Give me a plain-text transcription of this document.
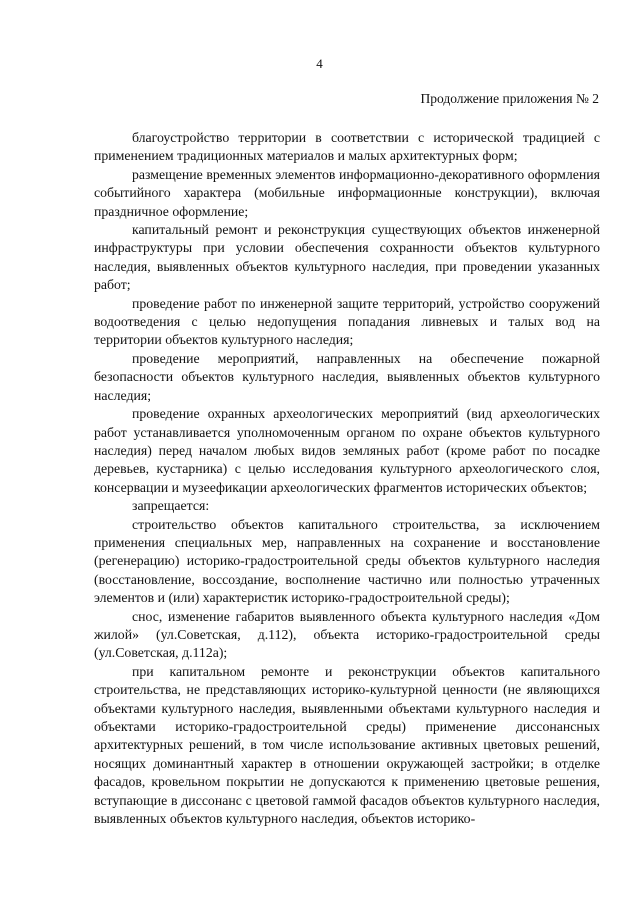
4
Продолжение приложения № 2

благоустройство территории в соответствии с исторической традицией с применением традиционных материалов и малых архитектурных форм;

размещение временных элементов информационно-декоративного оформления событийного характера (мобильные информационные конструкции), включая праздничное оформление;

капитальный ремонт и реконструкция существующих объектов инженерной инфраструктуры при условии обеспечения сохранности объектов культурного наследия, выявленных объектов культурного наследия, при проведении указанных работ;

проведение работ по инженерной защите территорий, устройство сооружений водоотведения с целью недопущения попадания ливневых и талых вод на территории объектов культурного наследия;

проведение мероприятий, направленных на обеспечение пожарной безопасности объектов культурного наследия, выявленных объектов культурного наследия;

проведение охранных археологических мероприятий (вид археологических работ устанавливается уполномоченным органом по охране объектов культурного наследия) перед началом любых видов земляных работ (кроме работ по посадке деревьев, кустарника) с целью исследования культурного археологического слоя, консервации и музеефикации археологических фрагментов исторических объектов;

запрещается:

строительство объектов капитального строительства, за исключением применения специальных мер, направленных на сохранение и восстановление (регенерацию) историко-градостроительной среды объектов культурного наследия (восстановление, воссоздание, восполнение частично или полностью утраченных элементов и (или) характеристик историко-градостроительной среды);

снос, изменение габаритов выявленного объекта культурного наследия «Дом жилой» (ул.Советская, д.112), объекта историко-градостроительной среды (ул.Советская, д.112а);

при капитальном ремонте и реконструкции объектов капитального строительства, не представляющих историко-культурной ценности (не являющихся объектами культурного наследия, выявленными объектами культурного наследия и объектами историко-градостроительной среды) применение диссонансных архитектурных решений, в том числе использование активных цветовых решений, носящих доминантный характер в отношении окружающей застройки; в отделке фасадов, кровельном покрытии не допускаются к применению цветовые решения, вступающие в диссонанс с цветовой гаммой фасадов объектов культурного наследия, выявленных объектов культурного наследия, объектов историко-
